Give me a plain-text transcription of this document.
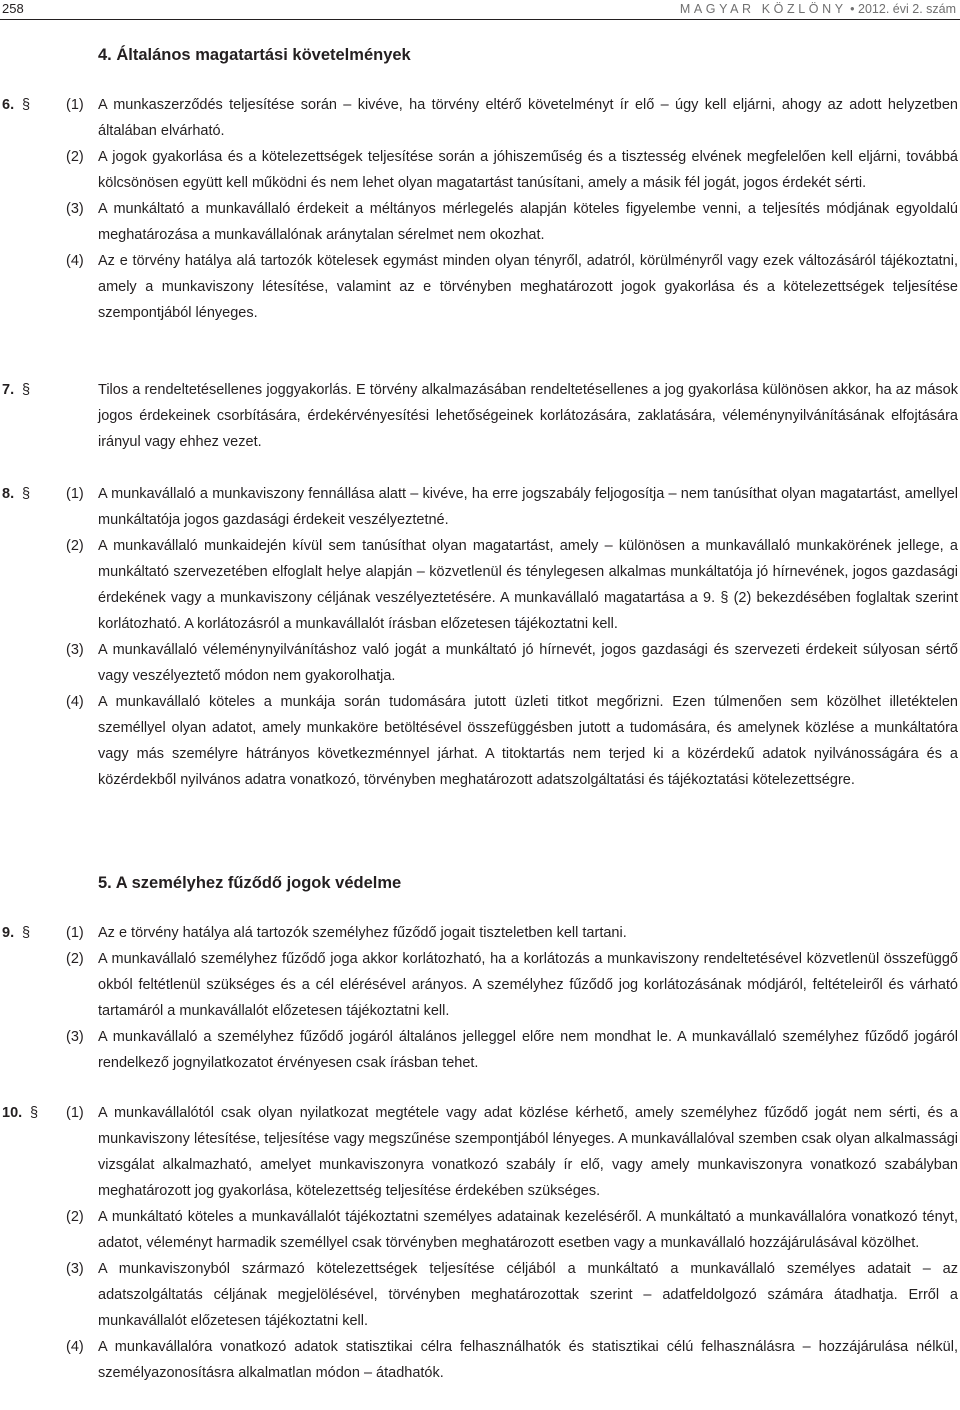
258	MAGYAR KÖZLÖNY • 2012. évi 2. szám
4. Általános magatartási követelmények
6. § (1) A munkaszerződés teljesítése során – kivéve, ha törvény eltérő követelményt ír elő – úgy kell eljárni, ahogy az adott helyzetben általában elvárható.
(2) A jogok gyakorlása és a kötelezettségek teljesítése során a jóhiszeműség és a tisztesség elvének megfelelően kell eljárni, továbbá kölcsönösen együtt kell működni és nem lehet olyan magatartást tanúsítani, amely a másik fél jogát, jogos érdekét sérti.
(3) A munkáltató a munkavállaló érdekeit a méltányos mérlegelés alapján köteles figyelembe venni, a teljesítés módjának egyoldalú meghatározása a munkavállalónak aránytalan sérelmet nem okozhat.
(4) Az e törvény hatálya alá tartozók kötelesek egymást minden olyan tényről, adatról, körülményről vagy ezek változásáról tájékoztatni, amely a munkaviszony létesítése, valamint az e törvényben meghatározott jogok gyakorlása és a kötelezettségek teljesítése szempontjából lényeges.
7. §	Tilos a rendeltetésellenes joggyakorlás. E törvény alkalmazásában rendeltetésellenes a jog gyakorlása különösen akkor, ha az mások jogos érdekeinek csorbítására, érdekérvényesítési lehetőségeinek korlátozására, zaklatására, véleménynyilvánításának elfojtására irányul vagy ehhez vezet.
8. § (1) A munkavállaló a munkaviszony fennállása alatt – kivéve, ha erre jogszabály feljogosítja – nem tanúsíthat olyan magatartást, amellyel munkáltatója jogos gazdasági érdekeit veszélyeztetné.
(2) A munkavállaló munkaidején kívül sem tanúsíthat olyan magatartást, amely – különösen a munkavállaló munkakörének jellege, a munkáltató szervezetében elfoglalt helye alapján – közvetlenül és ténylegesen alkalmas munkáltatója jó hírnevének, jogos gazdasági érdekének vagy a munkaviszony céljának veszélyeztetésére. A munkavállaló magatartása a 9. § (2) bekezdésében foglaltak szerint korlátozható. A korlátozásról a munkavállalót írásban előzetesen tájékoztatni kell.
(3) A munkavállaló véleménynyilvánításhoz való jogát a munkáltató jó hírnevét, jogos gazdasági és szervezeti érdekeit súlyosan sértő vagy veszélyeztető módon nem gyakorolhatja.
(4) A munkavállaló köteles a munkája során tudomására jutott üzleti titkot megőrizni. Ezen túlmenően sem közölhet illetéktelen személlyel olyan adatot, amely munkaköre betöltésével összefüggésben jutott a tudomására, és amelynek közlése a munkáltatóra vagy más személyre hátrányos következménnyel járhat. A titoktartás nem terjed ki a közérdekű adatok nyilvánosságára és a közérdekből nyilvános adatra vonatkozó, törvényben meghatározott adatszolgáltatási és tájékoztatási kötelezettségre.
5. A személyhez fűződő jogok védelme
9. § (1) Az e törvény hatálya alá tartozók személyhez fűződő jogait tiszteletben kell tartani.
(2) A munkavállaló személyhez fűződő joga akkor korlátozható, ha a korlátozás a munkaviszony rendeltetésével közvetlenül összefüggő okból feltétlenül szükséges és a cél elérésével arányos. A személyhez fűződő jog korlátozásának módjáról, feltételeiről és várható tartamáról a munkavállalót előzetesen tájékoztatni kell.
(3) A munkavállaló a személyhez fűződő jogáról általános jelleggel előre nem mondhat le. A munkavállaló személyhez fűződő jogáról rendelkező jognyilatkozatot érvényesen csak írásban tehet.
10. § (1) A munkavállalótól csak olyan nyilatkozat megtétele vagy adat közlése kérhető, amely személyhez fűződő jogát nem sérti, és a munkaviszony létesítése, teljesítése vagy megszűnése szempontjából lényeges. A munkavállalóval szemben csak olyan alkalmassági vizsgálat alkalmazható, amelyet munkaviszonyra vonatkozó szabály ír elő, vagy amely munkaviszonyra vonatkozó szabályban meghatározott jog gyakorlása, kötelezettség teljesítése érdekében szükséges.
(2) A munkáltató köteles a munkavállalót tájékoztatni személyes adatainak kezeléséről. A munkáltató a munkavállalóra vonatkozó tényt, adatot, véleményt harmadik személlyel csak törvényben meghatározott esetben vagy a munkavállaló hozzájárulásával közölhet.
(3) A munkaviszonyból származó kötelezettségek teljesítése céljából a munkáltató a munkavállaló személyes adatait – az adatszolgáltatás céljának megjelölésével, törvényben meghatározottak szerint – adatfeldolgozó számára átadhatja. Erről a munkavállalót előzetesen tájékoztatni kell.
(4) A munkavállalóra vonatkozó adatok statisztikai célra felhasználhatók és statisztikai célú felhasználásra – hozzájárulása nélkül, személyazonosításra alkalmatlan módon – átadhatók.
